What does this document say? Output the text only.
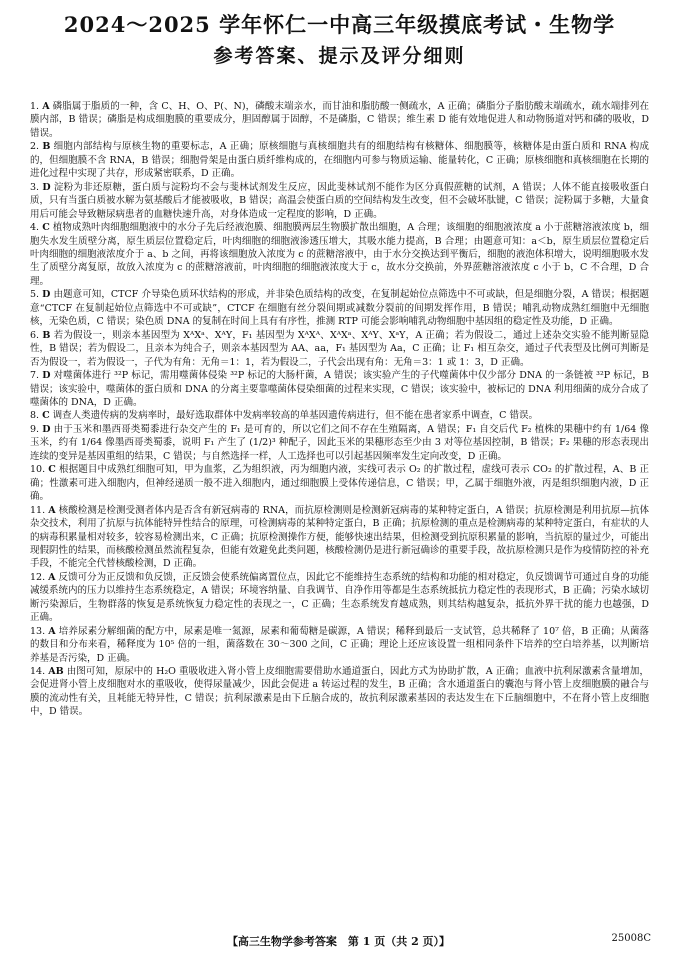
2024～2025 学年怀仁一中高三年级摸底考试・生物学
参考答案、提示及评分细则

1. A 磷脂属于脂质的一种，含 C、H、O、P(、N)，磷酸末端亲水，而甘油和脂肪酸一侧疏水，A 正确；磷脂分子脂肪酸末端疏水，疏水端排列在膜内部，B 错误；磷脂是构成细胞膜的重要成分，胆固醇属于固醇，不是磷脂，C 错误；维生素 D 能有效地促进人和动物肠道对钙和磷的吸收，D 错误。

2. B 细胞内部结构与原核生物的重要标志，A 正确；原核细胞与真核细胞共有的细胞结构有核糖体、细胞膜等，核糖体是由蛋白质和 RNA 构成的，但细胞膜不含 RNA，B 错误；细胞骨架是由蛋白质纤维构成的，在细胞内可参与物质运输、能量转化，C 正确；原核细胞和真核细胞在长期的进化过程中实现了共存，形成紧密联系，D 正确。

3. D 淀粉为非还原糖，蛋白质与淀粉均不会与斐林试剂发生反应，因此斐林试剂不能作为区分真假蔗糖的试剂，A 错误；人体不能直接吸收蛋白质，只有当蛋白质被水解为氨基酸后才能被吸收，B 错误；高温会使蛋白质的空间结构发生改变，但不会破坏肽键，C 错误；淀粉属于多糖，大量食用后可能会导致糖尿病患者的血糖快速升高，对身体造成一定程度的影响，D 正确。

4. C 植物成熟叶肉细胞细胞液中的水分子先后经液泡膜、细胞膜两层生物膜扩散出细胞，A 合理；该细胞的细胞液浓度 a 小于蔗糖溶液浓度 b，细胞失水发生质壁分离，原生质层位置稳定后，叶肉细胞的细胞液渗透压增大，其吸水能力提高，B 合理；由题意可知：a＜b，原生质层位置稳定后叶肉细胞的细胞液浓度介于 a、b 之间，再将该细胞放入浓度为 c 的蔗糖溶液中，由于水分交换达到平衡后，细胞的液泡体积增大，说明细胞吸水发生了质壁分离复原，故放入浓度为 c 的蔗糖溶液前，叶肉细胞的细胞液浓度大于 c，故水分交换前，外界蔗糖溶液浓度 c 小于 b，C 不合理，D 合理。

5. D 由题意可知，CTCF 介导染色质环状结构的形成，并非染色质结构的改变，在复制起始位点筛选中不可或缺，但是细胞分裂，A 错误；根据题意“CTCF 在复制起始位点筛选中不可或缺”，CTCF 在细胞有丝分裂间期或减数分裂前的间期发挥作用，B 错误；哺乳动物成熟红细胞中无细胞核，无染色质，C 错误；染色质 DNA 的复制在时间上具有有序性，推测 RTP 可能会影响哺乳动物细胞中基因组的稳定性及功能，D 正确。

6. B 若为假设一，则亲本基因型为 XᴬXᵃ、XᴬY，F₁ 基因型为 XᴬXᴬ、XᴬXᵃ、XᴬY、XᵃY，A 正确；若为假设二，通过上述杂交实验不能判断显隐性，B 错误；若为假设二，且亲本为纯合子，则亲本基因型为 AA、aa，F₁ 基因型为 Aa，C 正确；让 F₁ 相互杂交，通过子代表型及比例可判断是否为假设一，若为假设一，子代为有角：无角＝1：1，若为假设二，子代会出现有角：无角＝3：1 或 1：3，D 正确。

7. D 对噬菌体进行 ³²P 标记，需用噬菌体侵染 ³²P 标记的大肠杆菌，A 错误；该实验产生的子代噬菌体中仅少部分 DNA 的一条链被 ³²P 标记，B 错误；该实验中，噬菌体的蛋白质和 DNA 的分离主要靠噬菌体侵染细菌的过程来实现，C 错误；该实验中，被标记的 DNA 利用细菌的成分合成了噬菌体的 DNA，D 正确。

8. C 调查人类遗传病的发病率时，最好选取群体中发病率较高的单基因遗传病进行，但不能在患者家系中调查，C 错误。

9. D 由于玉米和墨西哥类蜀黍进行杂交产生的 F₁ 是可育的，所以它们之间不存在生殖隔离，A 错误；F₁ 自交后代 F₂ 植株的果穗中约有 1/64 像玉米，约有 1/64 像墨西哥类蜀黍，说明 F₁ 产生了 (1/2)³ 种配子，因此玉米的果穗形态至少由 3 对等位基因控制，B 错误；F₂ 果穗的形态表现出连续的变异是基因重组的结果，C 错误；与自然选择一样，人工选择也可以引起基因频率发生定向改变，D 正确。

10. C 根据题目中成熟红细胞可知，甲为血浆，乙为组织液，丙为细胞内液，实线可表示 O₂ 的扩散过程，虚线可表示 CO₂ 的扩散过程，A、B 正确；性激素可进入细胞内，但神经递质一般不进入细胞内，通过细胞膜上受体传递信息，C 错误；甲，乙属于细胞外液，丙是组织细胞内液，D 正确。

11. A 核酸检测是检测受测者体内是否含有新冠病毒的 RNA，而抗原检测则是检测新冠病毒的某种特定蛋白，A 错误；抗原检测是利用抗原—抗体杂交技术，利用了抗原与抗体能特异性结合的原理，可检测病毒的某种特定蛋白，B 正确；抗原检测的重点是检测病毒的某种特定蛋白，有症状的人的病毒积累量相对较多，较容易检测出来，C 正确；抗原检测操作方便，能够快速出结果，但检测受到抗原积累量的影响，当抗原的量过少，可能出现假阴性的结果，而核酸检测虽然流程复杂，但能有效避免此类问题，核酸检测仍是进行新冠确诊的重要手段，故抗原检测只是作为疫情防控的补充手段，不能完全代替核酸检测，D 正确。

12. A 反馈可分为正反馈和负反馈，正反馈会使系统偏离置位点，因此它不能维持生态系统的结构和功能的相对稳定，负反馈调节可通过自身的功能减缓系统内的压力以维持生态系统稳定，A 错误；环境容纳量、自我调节、自净作用等都是生态系统抵抗力稳定性的表现形式，B 正确；污染水域切断污染源后，生物群落的恢复是系统恢复力稳定性的表现之一，C 正确；生态系统发育越成熟，则其结构越复杂，抵抗外界干扰的能力也越强，D 正确。

13. A 培养尿素分解细菌的配方中，尿素是唯一氮源，尿素和葡萄糖是碳源，A 错误；稀释到最后一支试管，总共稀释了 10⁷ 倍，B 正确；从菌落的数目和分布来看，稀释度为 10⁵ 倍的一组，菌落数在 30～300 之间，C 正确；理论上还应该设置一组相同条件下培养的空白培养基，以判断培养基是否污染，D 正确。

14. AB 由图可知，原尿中的 H₂O 重吸收进入肾小管上皮细胞需要借助水通道蛋白，因此方式为协助扩散，A 正确；血液中抗利尿激素含量增加，会促进肾小管上皮细胞对水的重吸收，使得尿量减少，因此会促进 a 转运过程的发生，B 正确；含水通道蛋白的囊泡与肾小管上皮细胞膜的融合与膜的流动性有关，且耗能无特异性，C 错误；抗利尿激素是由下丘脑合成的，故抗利尿激素基因的表达发生在下丘脑细胞中，不在肾小管上皮细胞中，D 错误。

【高三生物学参考答案　第 1 页（共 2 页）】	25008C
